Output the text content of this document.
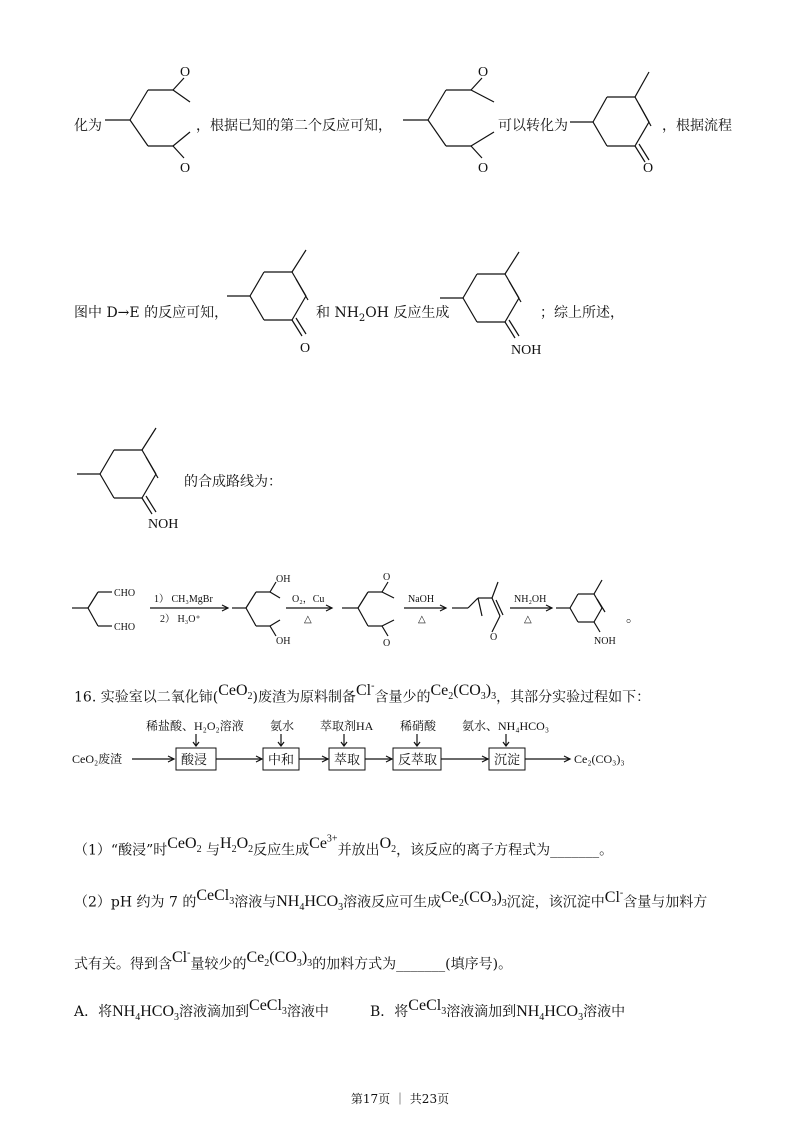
化为
O
O
，根据已知的第二个反应可知，
O
O
可以转化为
O
，根据流程
图中 D→E 的反应可知，
O
和 $NH_2OH$ 反应生成
NOH
；综上所述，
NOH
的合成路线为：
CHO
CHO
1） CH₃MgBr
2） H₃O⁺
OH
OH
O₂，Cu
△
O
O
NaOH
△
O
NH₂OH
△
NOH
。
16. 实验室以二氧化铈(CeO$_2$)废渣为原料制备Cl-含量少的$Ce_2(CO_3)_3$，其部分实验过程如下：
稀盐酸、H₂O₂溶液 氨水 萃取剂HA 稀硝酸 氨水、NH₄HCO₃
CeO₂废渣	酸浸	中和	萃取	反萃取	沉淀	Ce₂(CO₃)₃
（1）“酸浸”时CeO$_2$ 与$H_2O_2$反应生成$Ce^{3+}$并放出$O_2$，该反应的离子方程式为_______。
（2）pH 约为 7 的CeCl$_3$溶液与$NH_4HCO_3$溶液反应可生成$Ce_2(CO_3)_3$沉淀，该沉淀中Cl-含量与加料方
式有关。得到含Cl-量较少的$Ce_2(CO_3)_3$的加料方式为_______(填序号)。
A．将$NH_4HCO_3$溶液滴加到CeCl$_3$溶液中	B．将CeCl$_3$溶液滴加到$NH_4HCO_3$溶液中
第17页 ｜ 共23页
